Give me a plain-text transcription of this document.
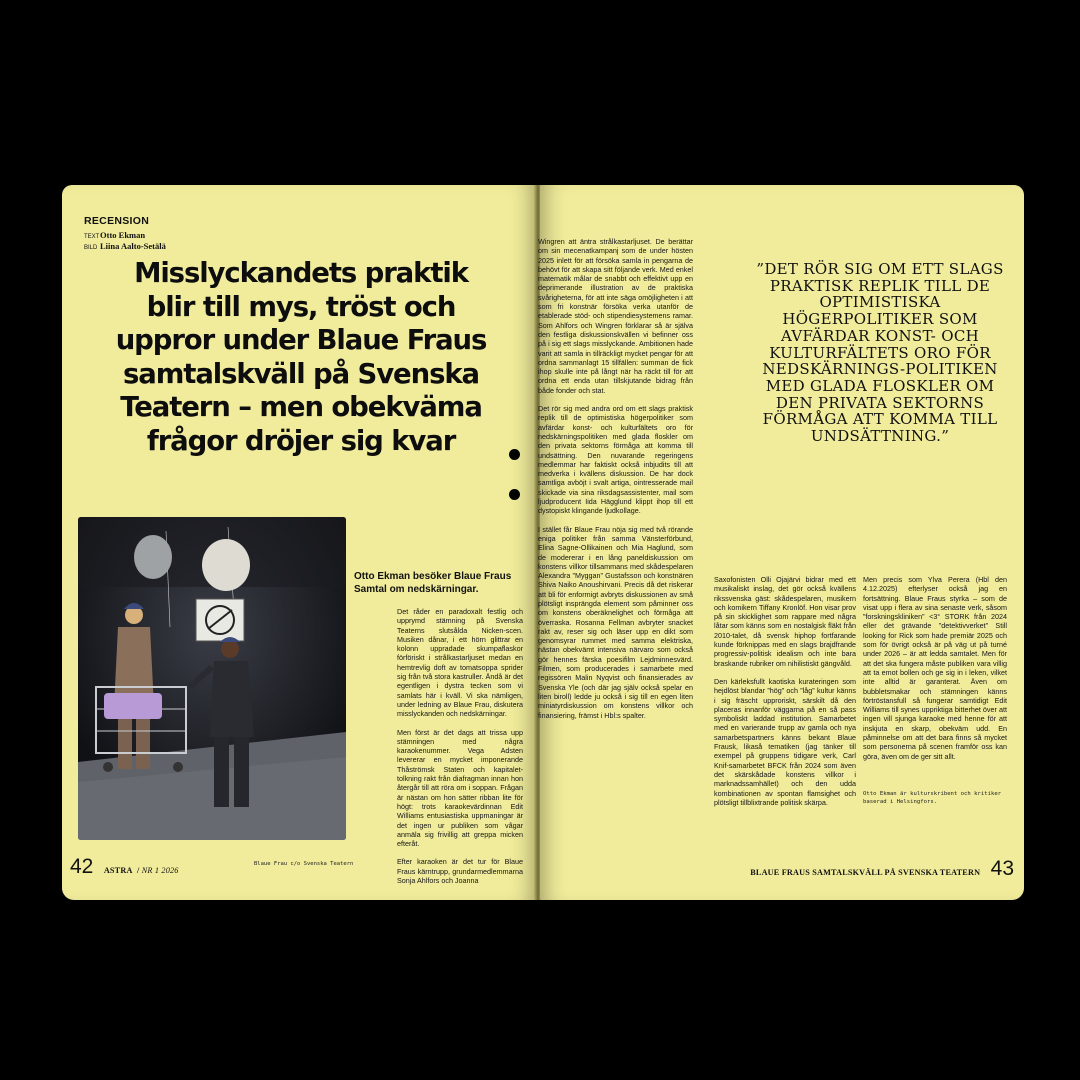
RECENSION
TEXTOtto Ekman
BILD Liina Aalto-Setälä
Misslyckandets praktik
blir till mys, tröst och
uppror under Blaue Fraus
samtalskväll på Svenska
Teatern – men obekväma
frågor dröjer sig kvar
Blaue Frau c/o Svenska Teatern
Otto Ekman besöker Blaue Fraus Samtal om nedskärningar.

Det råder en paradoxalt festlig och upprymd stämning på Svenska Teaterns slutsålda Nicken-scen. Musiken dånar, i ett hörn glittrar en kolonn uppradade skumpaflaskor förföriskt i strålkastarljuset medan en hemtrevlig doft av tomatsoppa sprider sig från två stora kastruller. Ändå är det egentligen i dystra tecken som vi samlats här i kväll. Vi ska nämligen, under ledning av Blaue Frau, diskutera misslyckanden och nedskärningar.

Men först är det dags att trissa upp stämningen med några karaokenummer. Vega Adsten levererar en mycket imponerande Thåströmsk Staten och kapitalet-tolkning rakt från diafragman innan hon återgår till att röra om i soppan. Frågan är nästan om hon sätter ribban lite för högt: trots karaokevärdinnan Edit Williams entusiastiska uppmaningar är det ingen ur publiken som vågar anmäla sig frivillig att greppa micken efteråt.

Efter karaoken är det tur för Blaue Fraus kärntrupp, grundarmedlemmarna Sonja Ahlfors och Joanna

42 ASTRA / NR 1 2026
”DET RÖR SIG OM ETT SLAGS PRAKTISK REPLIK TILL DE OPTIMISTISKA HÖGERPOLITIKER SOM AVFÄRDAR KONST- OCH KULTURFÄLTETS ORO FÖR NEDSKÄRNINGS-POLITIKEN MED GLADA FLOSKLER OM DEN PRIVATA SEKTORNS FÖRMÅGA ATT KOMMA TILL UNDSÄTTNING.”

Saxofonisten Olli Ojajärvi bidrar med ett musikaliskt inslag, det gör också kvällens rikssvenska gäst: skådespelaren, musikern och komikern Tiffany Kronlöf. Hon visar prov på sin skicklighet som rappare med några låtar som känns som en nostalgisk fläkt från 2010-talet, då svensk hiphop fortfarande kunde förknippas med en slags brajdfrande progressiv-politisk idealism och inte bara braskande rubriker om nihilistiskt gängvåld.

Den kärleksfullt kaotiska kurateringen som hejdlöst blandar ”hög” och ”låg” kultur känns i sig fräscht upproriskt, särskilt då den placeras innanför väggarna på en så pass symboliskt laddad institution. Samarbetet med en varierande trupp av gamla och nya samarbetspartners känns bekant Blaue Frausk, likaså tematiken (jag tänker till exempel på gruppens tidigare verk, Carl Knif-samarbetet BFCK från 2024 som även det skärskådade konstens villkor i marknadssamhället) och den udda kombinationen av spontan flamsighet och plötsligt tillblixtrande politisk skärpa.

Men precis som Ylva Perera (Hbl den 4.12.2025) efterlyser också jag en fortsättning. Blaue Fraus styrka – som de visat upp i flera av sina senaste verk, såsom ”forskningskliniken” <3° STORK från 2024 eller det grävande ”detektivverket” Still looking for Rick som hade premiär 2025 och som för övrigt också är på väg ut på turné under 2026 – är att ledda samtalet. Men för att det ska fungera måste publiken vara villig att ta emot bollen och ge sig in i leken, vilket inte alltid är garanterat. Även om bubbletsmakar och stämningen känns förtröstansfull så fungerar samtidigt Edit Williams till synes uppriktiga bitterhet över att ingen vill sjunga karaoke med henne för att inskjuta en skarp, obekväm udd. En påminnelse om att det bara finns så mycket som personerna på scenen framför oss kan göra, även om de ger sitt allt.

Otto Ekman är kulturskribent och kritiker baserad i Helsingfors.
BLAUE FRAUS SAMTALSKVÄLL PÅ SVENSKA TEATERN 43

Wingren att äntra strålkastarljuset. De berättar om sin mecenatkampanj som de under hösten 2025 inlett för att försöka samla in pengarna de behövt för att skapa sitt följande verk. Med enkel matematik målar de snabbt och effektivt upp en deprimerande illustration av de praktiska svårigheterna, för att inte säga omöjligheten i att som fri konstnär försöka verka utanför de etablerade stöd- och stipendiesystemens ramar. Som Ahlfors och Wingren förklarar så är själva den festliga diskussionskvällen vi befinner oss på i sig ett slags misslyckande. Ambitionen hade varit att samla in tillräckligt mycket pengar för att ordna sammanlagt 15 tillfällen: summan de fick ihop skulle inte på långt när ha räckt till för att ordna ett enda utan tillskjutande bidrag från både fonder och stat.

Det rör sig med andra ord om ett slags praktisk replik till de optimistiska högerpolitiker som avfärdar konst- och kulturfältets oro för nedskärningspolitiken med glada floskler om den privata sektorns förmåga att komma till undsättning. Den nuvarande regeringens medlemmar har faktiskt också inbjudits till att medverka i kvällens diskussion. De har dock samtliga avböjt i svalt artiga, ointresserade mail skickade via sina riksdagsassistenter, mail som ljudproducent Iida Hägglund klippt ihop till ett dystopiskt klingande ljudkollage.

I stället får Blaue Frau nöja sig med två rörande eniga politiker från samma Vänsterförbund, Elina Sagne-Ollikainen och Mia Haglund, som de modererar i en lång paneldiskussion om konstens villkor tillsammans med skådespelaren Alexandra ”Myggan” Gustafsson och konstnären Shiva Naiko Anoushirvani. Precis då det riskerar att bli för enformigt avbryts diskussionen av små plötsligt insprängda element som påminner oss om konstens oberäknelighet och förmåga att överraska. Rosanna Fellman avbryter snacket rakt av, reser sig och läser upp en dikt som genomsyrar rummet med samma elektriska, nästan obekvämt intensiva närvaro som också gör hennes färska poesifilm Lejdminnesvärd. Filmen, som producerades i samarbete med regissören Malin Nyqvist och finansierades av Svenska Yle (och där jag själv också spelar en liten biroll) ledde ju också i sig till en egen liten miniatyrdiskussion om konstens villkor och finansiering, främst i Hbl:s spalter.
